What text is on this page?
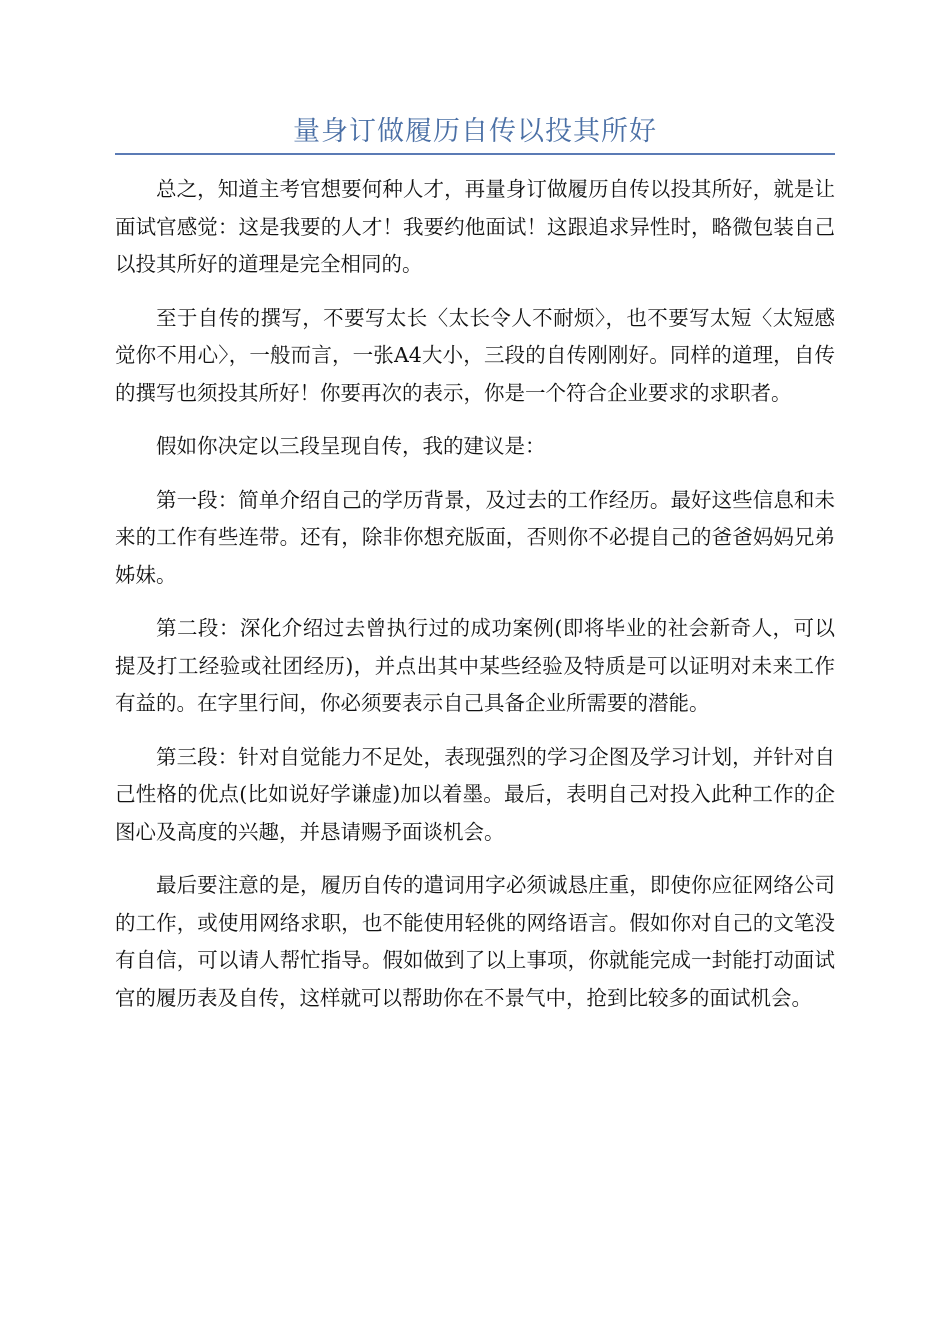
量身订做履历自传以投其所好

总之，知道主考官想要何种人才，再量身订做履历自传以投其所好，就是让面试官感觉：这是我要的人才！我要约他面试！这跟追求异性时，略微包装自己以投其所好的道理是完全相同的。

至于自传的撰写，不要写太长〈太长令人不耐烦〉，也不要写太短〈太短感觉你不用心〉，一般而言，一张A4大小，三段的自传刚刚好。同样的道理，自传的撰写也须投其所好！你要再次的表示，你是一个符合企业要求的求职者。

假如你决定以三段呈现自传，我的建议是：

第一段：简单介绍自己的学历背景，及过去的工作经历。最好这些信息和未来的工作有些连带。还有，除非你想充版面，否则你不必提自己的爸爸妈妈兄弟姊妹。

第二段：深化介绍过去曾执行过的成功案例(即将毕业的社会新奇人，可以提及打工经验或社团经历)，并点出其中某些经验及特质是可以证明对未来工作有益的。在字里行间，你必须要表示自己具备企业所需要的潜能。

第三段：针对自觉能力不足处，表现强烈的学习企图及学习计划，并针对自己性格的优点(比如说好学谦虚)加以着墨。最后，表明自己对投入此种工作的企图心及高度的兴趣，并恳请赐予面谈机会。

最后要注意的是，履历自传的遣词用字必须诚恳庄重，即使你应征网络公司的工作，或使用网络求职，也不能使用轻佻的网络语言。假如你对自己的文笔没有自信，可以请人帮忙指导。假如做到了以上事项，你就能完成一封能打动面试官的履历表及自传，这样就可以帮助你在不景气中，抢到比较多的面试机会。
